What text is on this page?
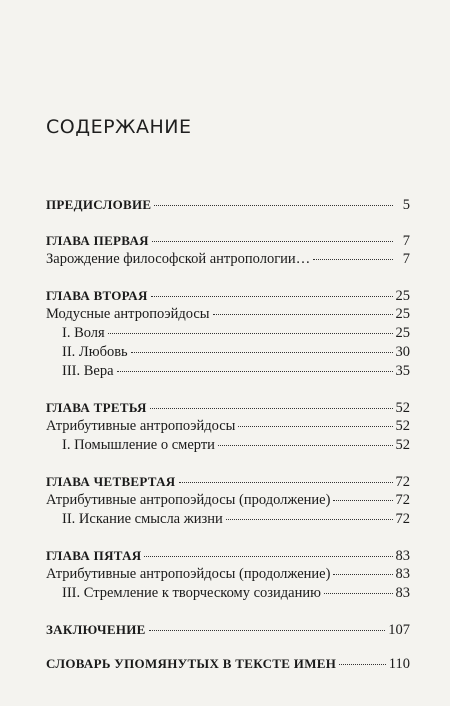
СОДЕРЖАНИЕ
ПРЕДИСЛОВИЕ	5
ГЛАВА ПЕРВАЯ	7
Зарождение философской антропологии…	7
ГЛАВА ВТОРАЯ	25
Модусные антропоэйдосы	25
I. Воля	25
II. Любовь	30
III. Вера	35
ГЛАВА ТРЕТЬЯ	52
Атрибутивные антропоэйдосы	52
I. Помышление о смерти	52
ГЛАВА ЧЕТВЕРТАЯ	72
Атрибутивные антропоэйдосы (продолжение)	72
II. Искание смысла жизни	72
ГЛАВА ПЯТАЯ	83
Атрибутивные антропоэйдосы (продолжение)	83
III. Стремление к творческому созиданию	83
ЗАКЛЮЧЕНИЕ	107
СЛОВАРЬ УПОМЯНУТЫХ В ТЕКСТЕ ИМЕН	110
